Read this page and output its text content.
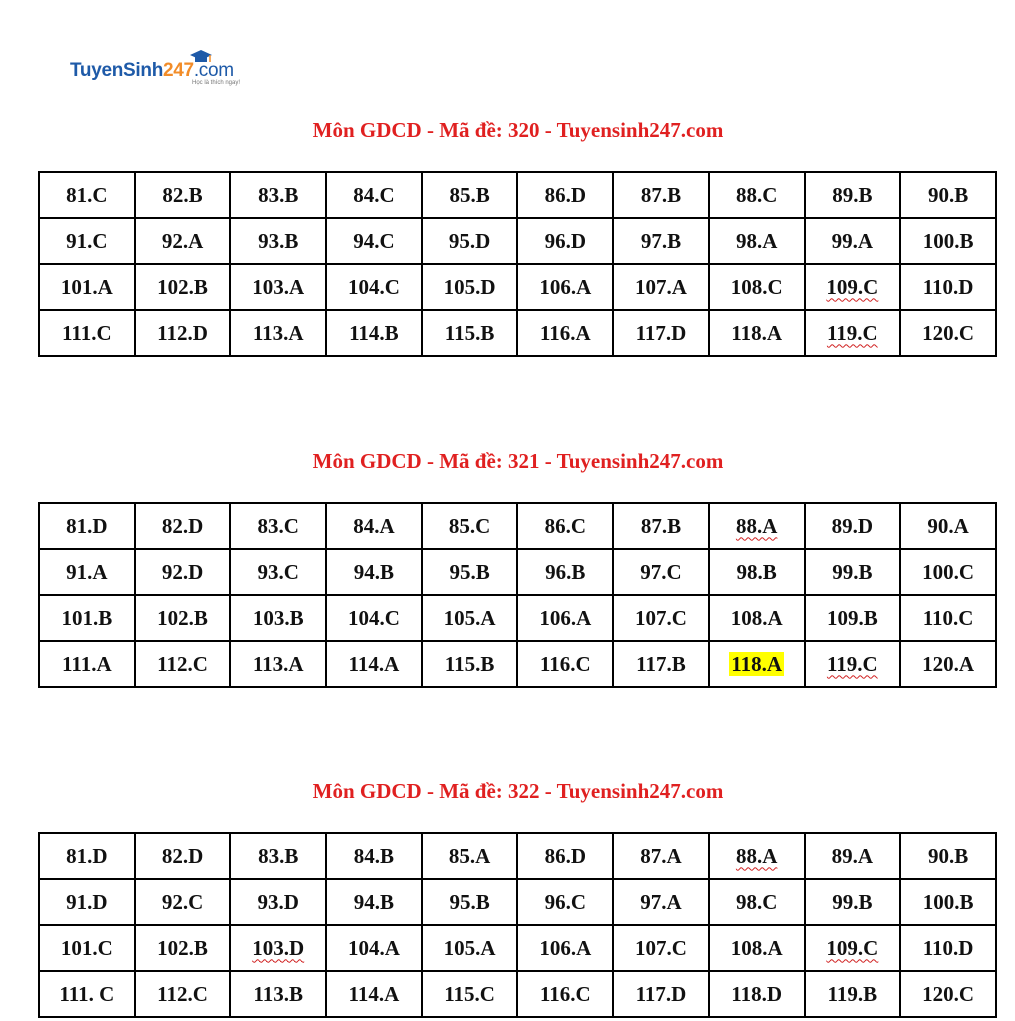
TuyenSinh247.com
Học là thích ngay!
Môn GDCD - Mã đề: 320 - Tuyensinh247.com
81.C	82.B	83.B	84.C	85.B	86.D	87.B	88.C	89.B	90.B
91.C	92.A	93.B	94.C	95.D	96.D	97.B	98.A	99.A	100.B
101.A	102.B	103.A	104.C	105.D	106.A	107.A	108.C	109.C	110.D
111.C	112.D	113.A	114.B	115.B	116.A	117.D	118.A	119.C	120.C
Môn GDCD - Mã đề: 321 - Tuyensinh247.com
81.D	82.D	83.C	84.A	85.C	86.C	87.B	88.A	89.D	90.A
91.A	92.D	93.C	94.B	95.B	96.B	97.C	98.B	99.B	100.C
101.B	102.B	103.B	104.C	105.A	106.A	107.C	108.A	109.B	110.C
111.A	112.C	113.A	114.A	115.B	116.C	117.B	118.A	119.C	120.A
Môn GDCD - Mã đề: 322 - Tuyensinh247.com
81.D	82.D	83.B	84.B	85.A	86.D	87.A	88.A	89.A	90.B
91.D	92.C	93.D	94.B	95.B	96.C	97.A	98.C	99.B	100.B
101.C	102.B	103.D	104.A	105.A	106.A	107.C	108.A	109.C	110.D
111. C	112.C	113.B	114.A	115.C	116.C	117.D	118.D	119.B	120.C
